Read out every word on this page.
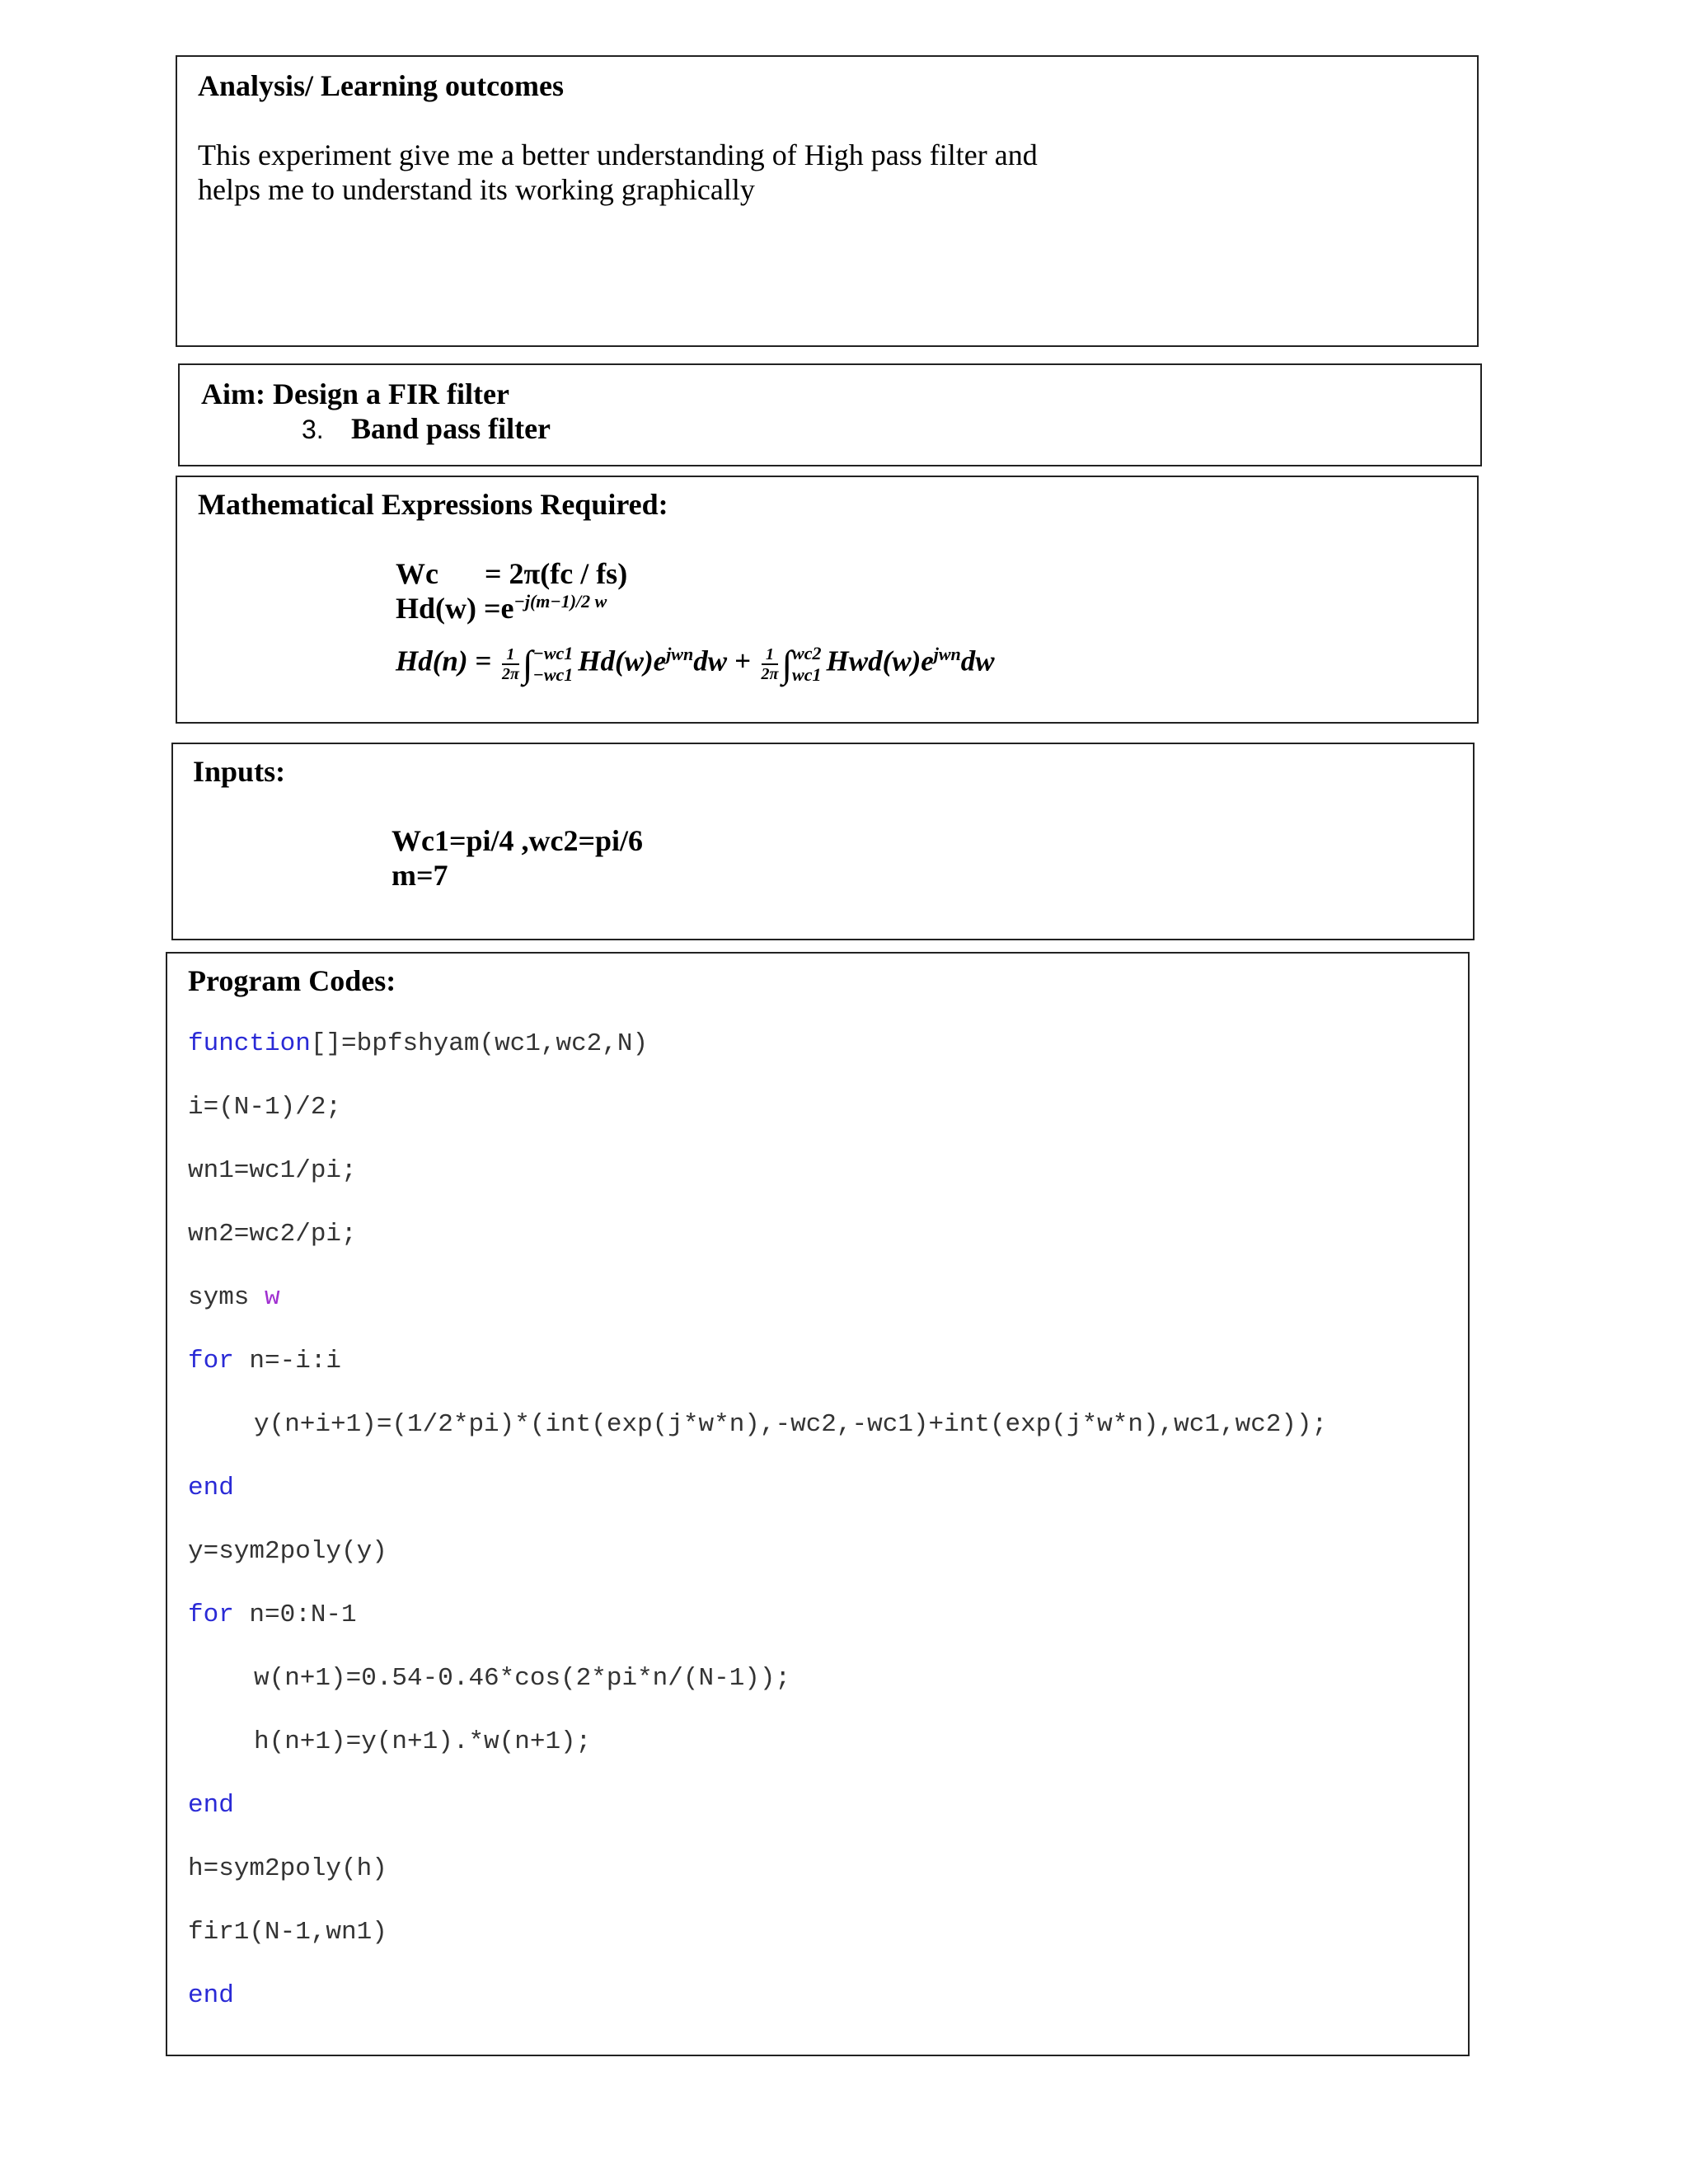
Analysis/ Learning outcomes
This experiment give me a better understanding of High pass filter and
helps me to understand its working graphically
Aim: Design a FIR filter
3. Band pass filter
Mathematical Expressions Required:
Wc = 2π(fc / fs)
$Hd(w) =e^{-j(m-1)/2 w}$
$Hd(n) = \frac{1}{2\pi}$ ∫ −wc1
−wc1 $Hd(w)e^{jwn}dw + \frac{1}{2\pi}$ ∫ wc2
wc1 $Hwd(w)e^{jwn}dw$
Inputs:
Wc1=pi/4 ,wc2=pi/6
m=7
Program Codes:
function[]=bpfshyam(wc1,wc2,N)
i=(N-1)/2;
wn1=wc1/pi;
wn2=wc2/pi;
syms w
for n=-i:i
y(n+i+1)=(1/2*pi)*(int(exp(j*w*n),-wc2,-wc1)+int(exp(j*w*n),wc1,wc2));
end
y=sym2poly(y)
for n=0:N-1
w(n+1)=0.54-0.46*cos(2*pi*n/(N-1));
h(n+1)=y(n+1).*w(n+1);
end
h=sym2poly(h)
fir1(N-1,wn1)
end
